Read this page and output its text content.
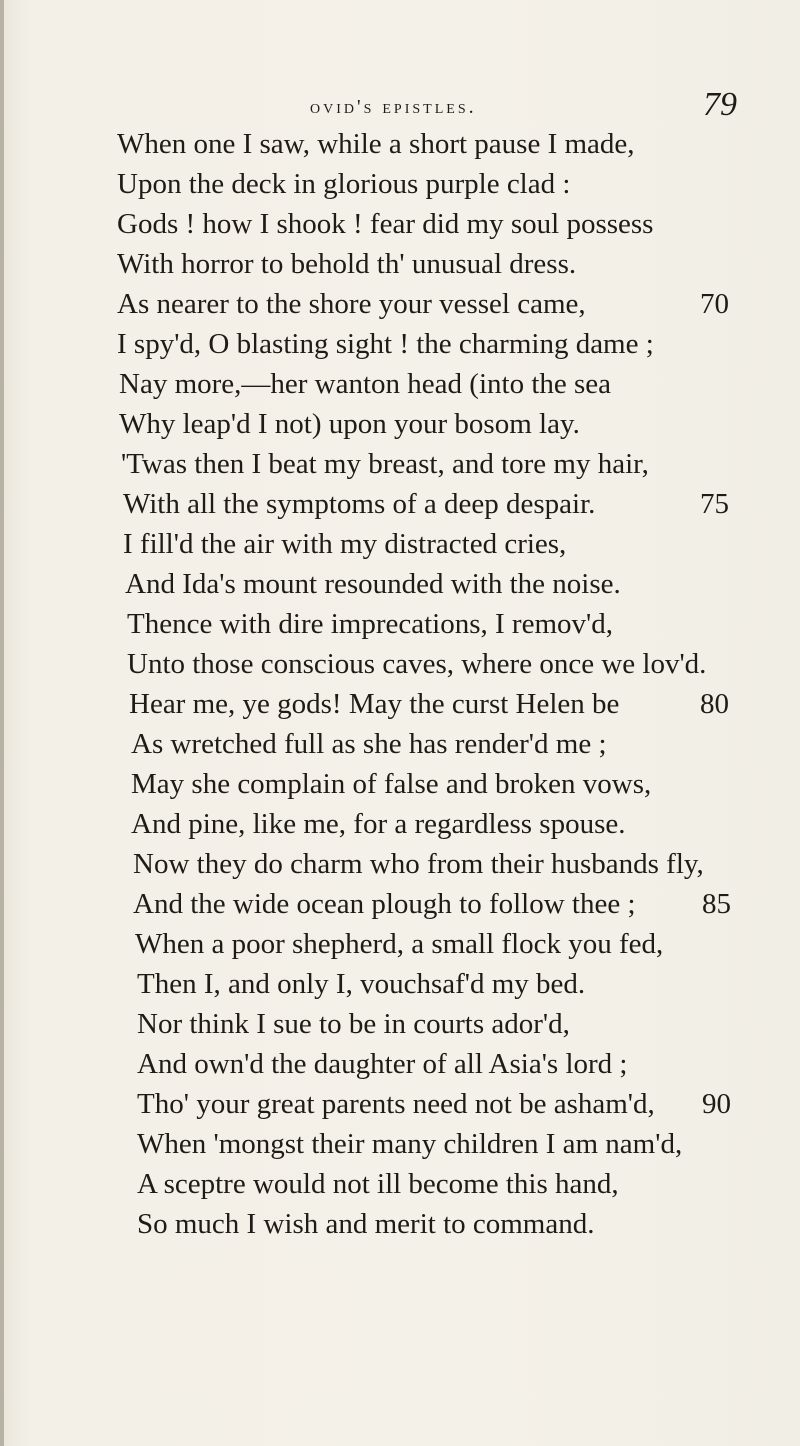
ovid's epistles.	79
When one I saw, while a short pause I made,
Upon the deck in glorious purple clad :
Gods ! how I shook ! fear did my soul possess
With horror to behold th' unusual dress.
As nearer to the shore your vessel came,	70
I spy'd, O blasting sight ! the charming dame ;
Nay more,—her wanton head (into the sea
Why leap'd I not) upon your bosom lay.
'Twas then I beat my breast, and tore my hair,
With all the symptoms of a deep despair.	75
I fill'd the air with my distracted cries,
And Ida's mount resounded with the noise.
Thence with dire imprecations, I remov'd,
Unto those conscious caves, where once we lov'd.
Hear me, ye gods! May the curst Helen be	80
As wretched full as she has render'd me ;
May she complain of false and broken vows,
And pine, like me, for a regardless spouse.
Now they do charm who from their husbands fly,
And the wide ocean plough to follow thee ; 85
When a poor shepherd, a small flock you fed,
Then I, and only I, vouchsaf'd my bed.
Nor think I sue to be in courts ador'd,
And own'd the daughter of all Asia's lord ;
Tho' your great parents need not be asham'd, 90
When 'mongst their many children I am nam'd,
A sceptre would not ill become this hand,
So much I wish and merit to command.
